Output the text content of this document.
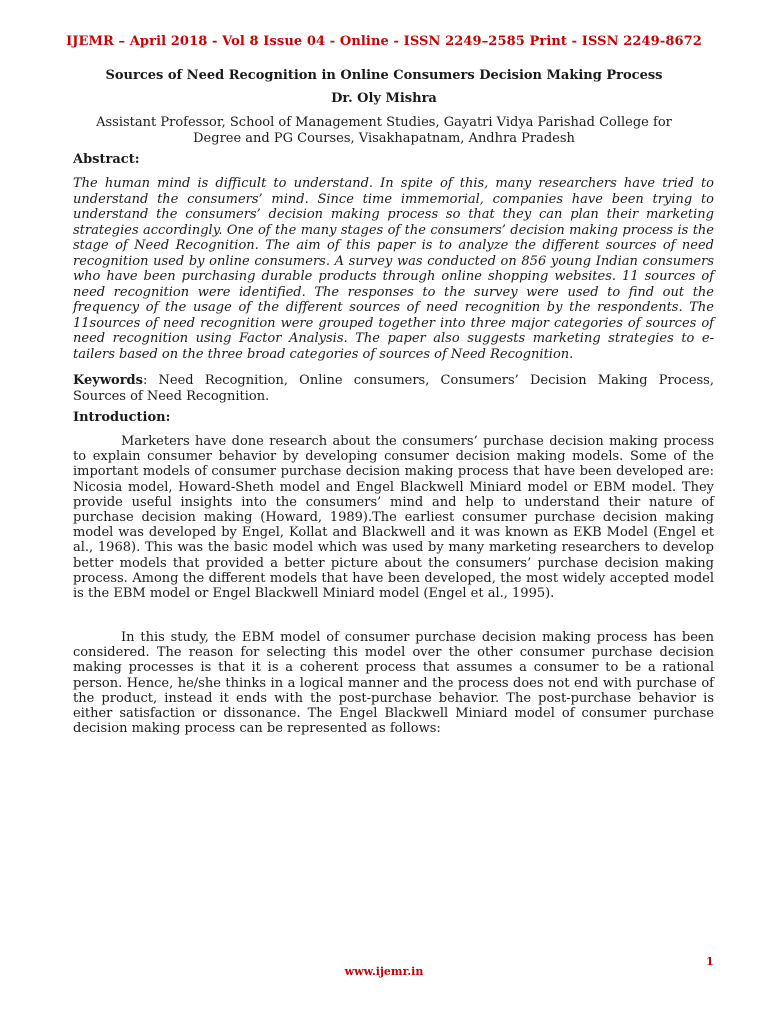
IJEMR – April 2018 - Vol 8 Issue 04 - Online - ISSN 2249–2585 Print - ISSN 2249-8672
Sources of Need Recognition in Online Consumers Decision Making Process
Dr. Oly Mishra
Assistant Professor, School of Management Studies, Gayatri Vidya Parishad College for
Degree and PG Courses, Visakhapatnam, Andhra Pradesh
Abstract:
The human mind is difficult to understand. In spite of this, many researchers have tried to understand the consumers’ mind. Since time immemorial, companies have been trying to understand the consumers’ decision making process so that they can plan their marketing strategies accordingly. One of the many stages of the consumers’ decision making process is the stage of Need Recognition. The aim of this paper is to analyze the different sources of need recognition used by online consumers. A survey was conducted on 856 young Indian consumers who have been purchasing durable products through online shopping websites. 11 sources of need recognition were identified. The responses to the survey were used to find out the frequency of the usage of the different sources of need recognition by the respondents. The 11sources of need recognition were grouped together into three major categories of sources of need recognition using Factor Analysis. The paper also suggests marketing strategies to e-tailers based on the three broad categories of sources of Need Recognition.
Keywords: Need Recognition, Online consumers, Consumers’ Decision Making Process, Sources of Need Recognition.
Introduction:

Marketers have done research about the consumers’ purchase decision making process to explain consumer behavior by developing consumer decision making models. Some of the important models of consumer purchase decision making process that have been developed are: Nicosia model, Howard-Sheth model and Engel Blackwell Miniard model or EBM model. They provide useful insights into the consumers’ mind and help to understand their nature of purchase decision making (Howard, 1989).The earliest consumer purchase decision making model was developed by Engel, Kollat and Blackwell and it was known as EKB Model (Engel et al., 1968). This was the basic model which was used by many marketing researchers to develop better models that provided a better picture about the consumers’ purchase decision making process. Among the different models that have been developed, the most widely accepted model is the EBM model or Engel Blackwell Miniard model (Engel et al., 1995).

In this study, the EBM model of consumer purchase decision making process has been considered. The reason for selecting this model over the other consumer purchase decision making processes is that it is a coherent process that assumes a consumer to be a rational person. Hence, he/she thinks in a logical manner and the process does not end with purchase of the product, instead it ends with the post-purchase behavior. The post-purchase behavior is either satisfaction or dissonance. The Engel Blackwell Miniard model of consumer purchase decision making process can be represented as follows:

1
www.ijemr.in
